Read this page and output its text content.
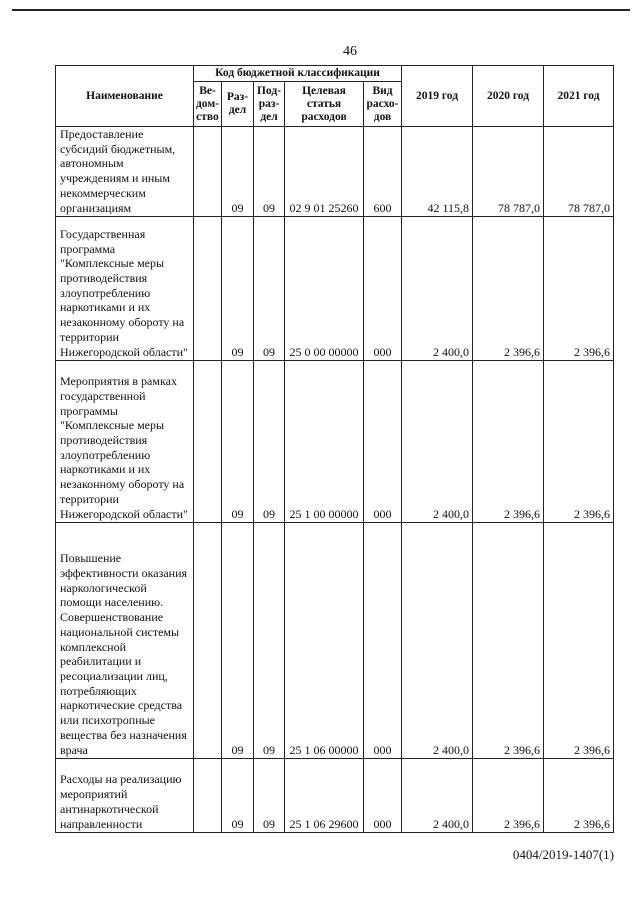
46
Наименование	Код бюджетной классификации					2019 год	2020 год	2021 год
	Ве-дом-ство	Раз-дел	Под-раз-дел	Целевая статья расходов	Вид расхо-дов			
Предоставление субсидий бюджетным, автономным учреждениям и иным некоммерческим организациям		09	09	02 9 01 25260	600	42 115,8	78 787,0	78 787,0
Государственная программа "Комплексные меры противодействия злоупотреблению наркотиками и их незаконному обороту на территории Нижегородской области"		09	09	25 0 00 00000	000	2 400,0	2 396,6	2 396,6
Мероприятия в рамках государственной программы "Комплексные меры противодействия злоупотреблению наркотиками и их незаконному обороту на территории Нижегородской области"		09	09	25 1 00 00000	000	2 400,0	2 396,6	2 396,6
Повышение эффективности оказания наркологической помощи населению. Совершенствование национальной системы комплексной реабилитации и ресоциализации лиц, потребляющих наркотические средства или психотропные вещества без назначения врача		09	09	25 1 06 00000	000	2 400,0	2 396,6	2 396,6
Расходы на реализацию мероприятий антинаркотической направленности		09	09	25 1 06 29600	000	2 400,0	2 396,6	2 396,6
0404/2019-1407(1)
